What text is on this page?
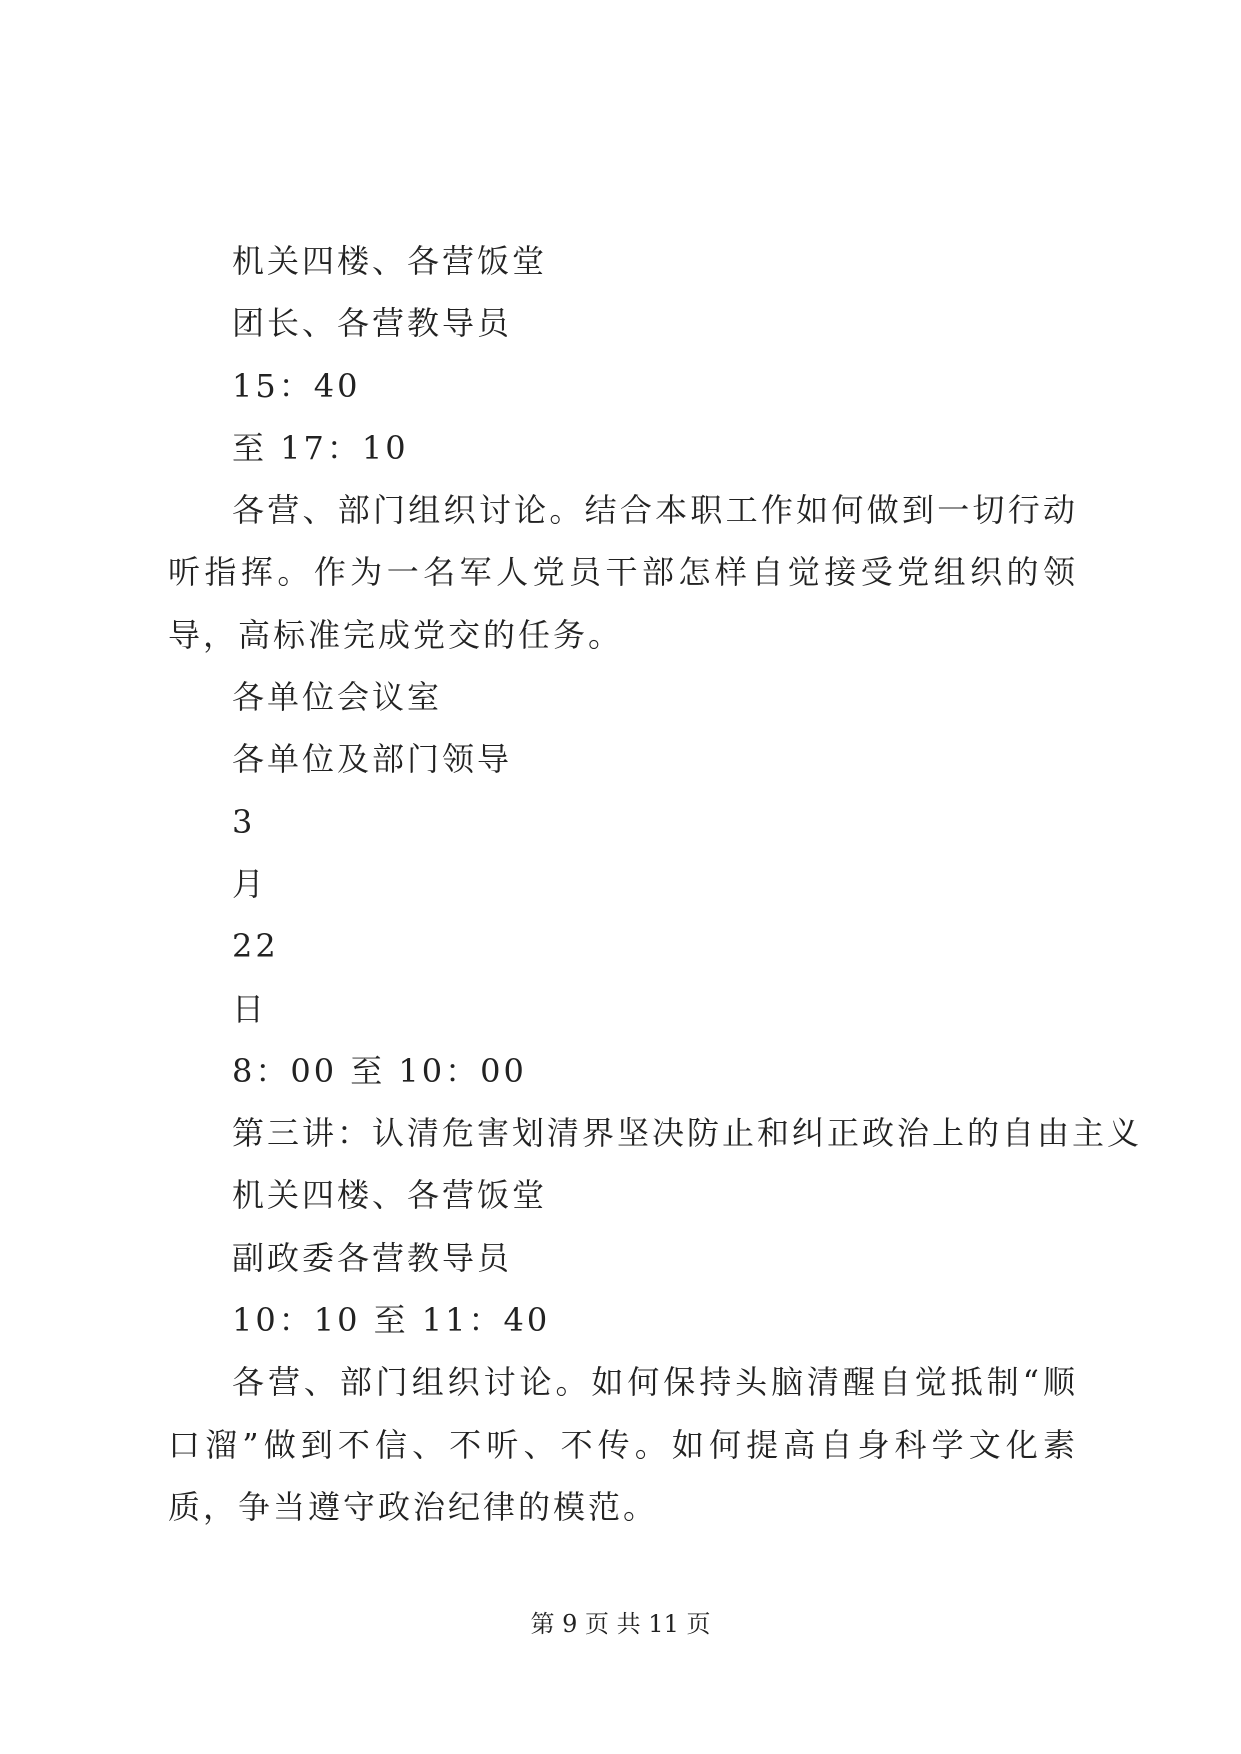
机关四楼、各营饭堂
团长、各营教导员
15：40
至 17：10
各营、部门组织讨论。结合本职工作如何做到一切行动听指挥。作为一名军人党员干部怎样自觉接受党组织的领导，高标准完成党交的任务。
各单位会议室
各单位及部门领导
3
月
22
日
8：00 至 10：00
第三讲：认清危害划清界坚决防止和纠正政治上的自由主义
机关四楼、各营饭堂
副政委各营教导员
10：10 至 11：40
各营、部门组织讨论。如何保持头脑清醒自觉抵制“顺口溜”做到不信、不听、不传。如何提高自身科学文化素质，争当遵守政治纪律的模范。
第 9 页 共 11 页
